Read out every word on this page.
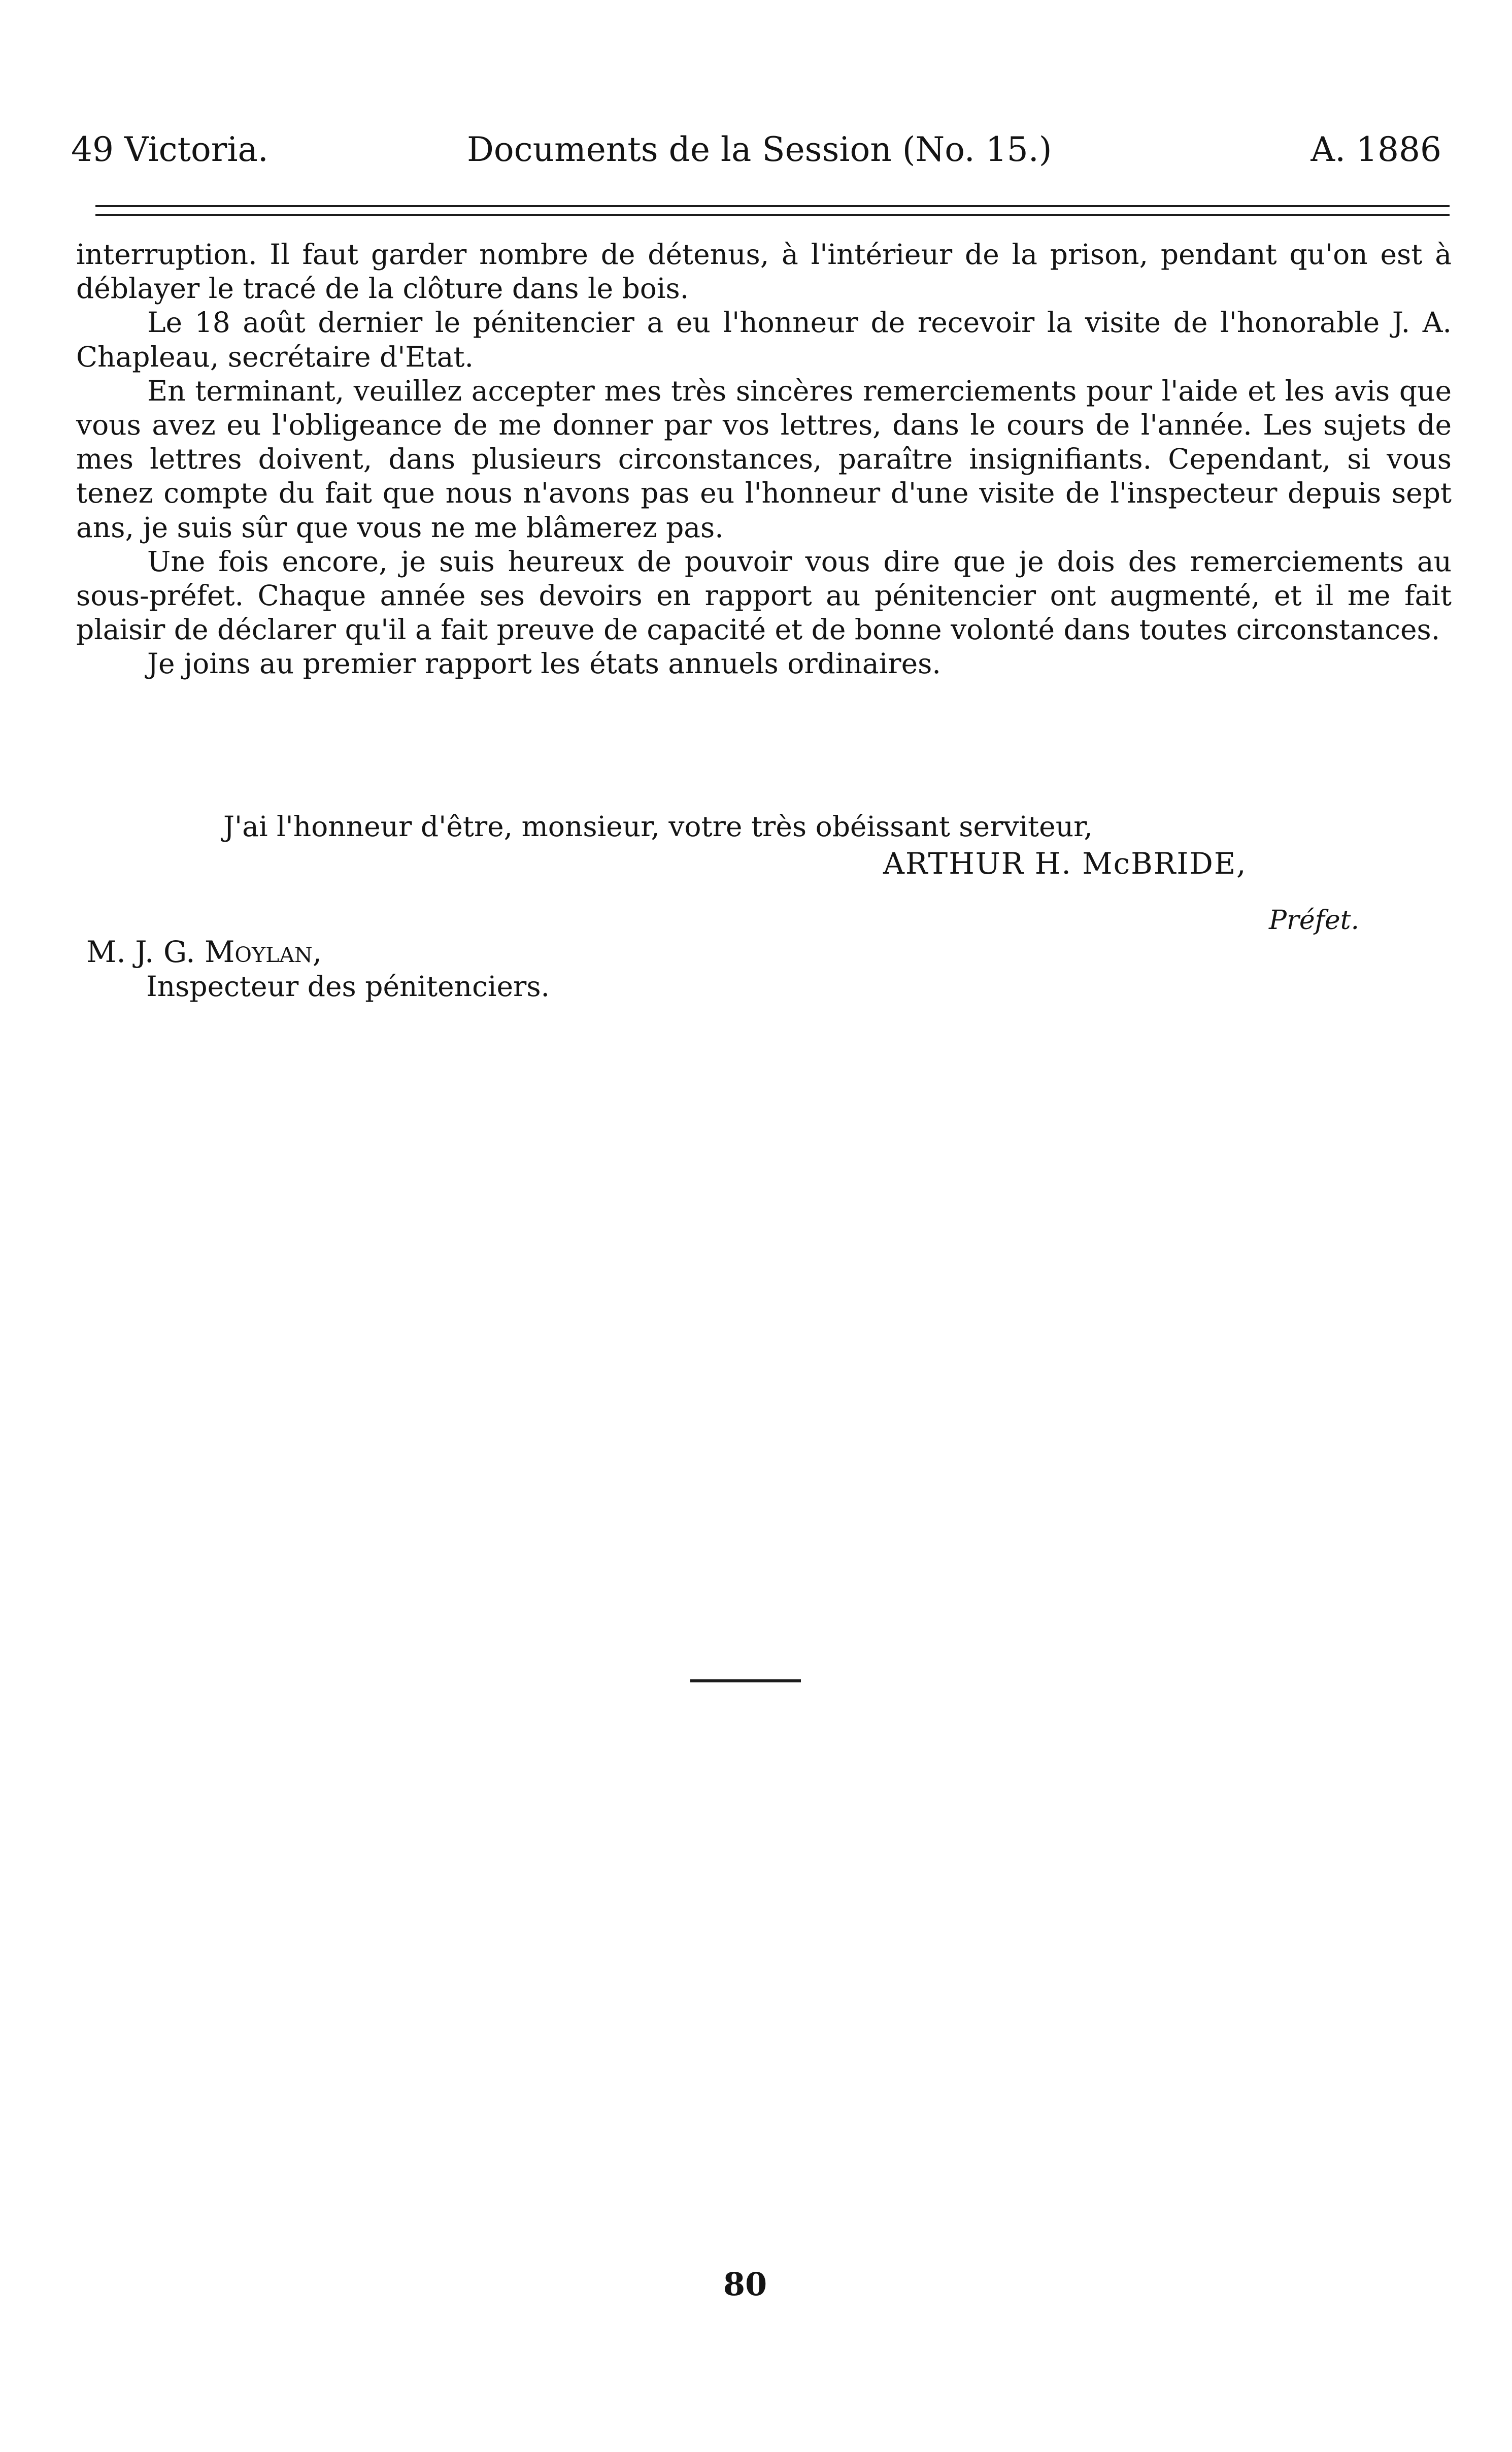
49 Victoria.	Documents de la Session (No. 15.)	A. 1886

interruption. Il faut garder nombre de détenus, à l'intérieur de la prison, pendant qu'on est à déblayer le tracé de la clôture dans le bois.

Le 18 août dernier le pénitencier a eu l'honneur de recevoir la visite de l'honorable J. A. Chapleau, secrétaire d'Etat.

En terminant, veuillez accepter mes très sincères remerciements pour l'aide et les avis que vous avez eu l'obligeance de me donner par vos lettres, dans le cours de l'année. Les sujets de mes lettres doivent, dans plusieurs circonstances, paraître insignifiants. Cependant, si vous tenez compte du fait que nous n'avons pas eu l'honneur d'une visite de l'inspecteur depuis sept ans, je suis sûr que vous ne me blâmerez pas.

Une fois encore, je suis heureux de pouvoir vous dire que je dois des remerciements au sous-préfet. Chaque année ses devoirs en rapport au pénitencier ont augmenté, et il me fait plaisir de déclarer qu'il a fait preuve de capacité et de bonne volonté dans toutes circonstances.

Je joins au premier rapport les états annuels ordinaires.

J'ai l'honneur d'être, monsieur, votre très obéissant serviteur,
ARTHUR H. McBRIDE,
Préfet.
M. J. G. Moylan,
Inspecteur des pénitenciers.
80
